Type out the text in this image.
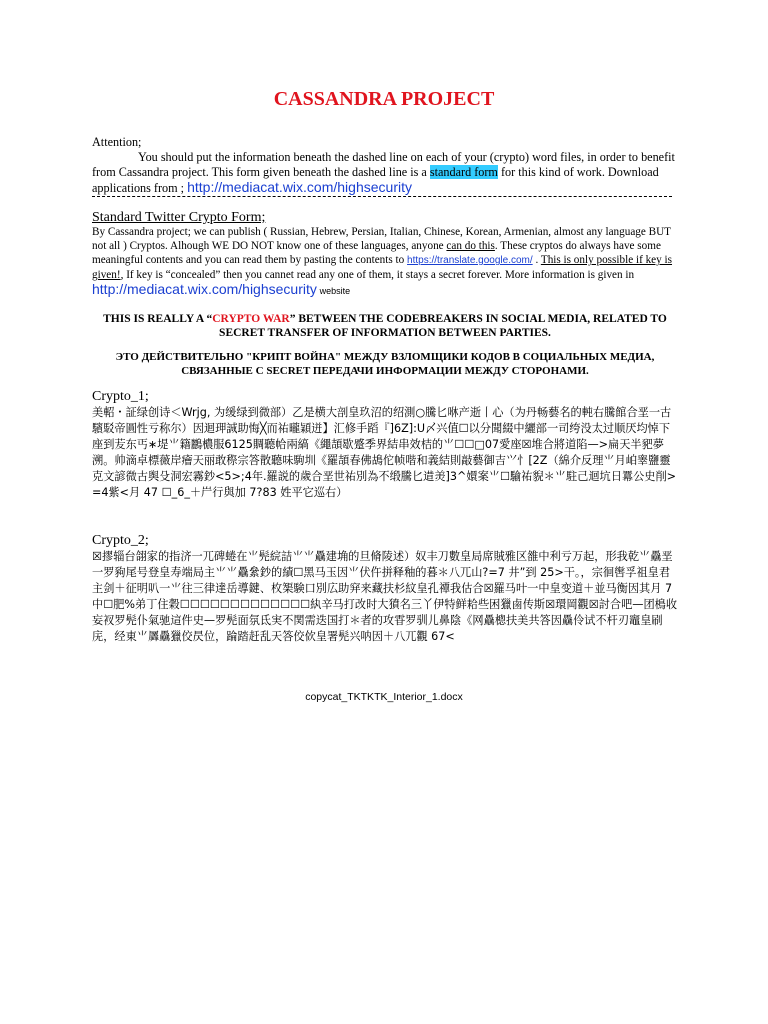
CASSANDRA PROJECT
Attention;
You should put the information beneath the dashed line on each of your (crypto) word files, in order to benefit from Cassandra project. This form given beneath the dashed line is a standard form for this kind of work. Download applications from ; http://mediacat.wix.com/highsecurity
Standard Twitter Crypto Form;
By Cassandra project; we can publish ( Russian, Hebrew, Persian, Italian, Chinese, Korean, Armenian, almost any language BUT not all ) Cryptos. Alhough WE DO NOT know one of these languages, anyone can do this. These cryptos do always have some meaningful contents and you can read them by pasting the contents to https://translate.google.com/ . This is only possible if key is given!, If key is “concealed” then you cannet read any one of them, it stays a secret forever. More information is given in http://mediacat.wix.com/highsecurity website
THIS IS REALLY A “CRYPTO WAR” BETWEEN THE CODEBREAKERS IN SOCIAL MEDIA, RELATED TO SECRET TRANSFER OF INFORMATION BETWEEN PARTIES.
ЭТО ДЕЙСТВИТЕЛЬНО "КРИПТ ВОЙНА" МЕЖДУ ВЗЛОМЩИКИ КОДОВ В СОЦИАЛЬНЫХ МЕДИА, СВЯЗАННЫЕ С SECRET ПЕРЕДАЧИ ИНФОРМАЦИИ МЕЖДУ СТОРОНАМИ.
Crypto_1;
美軺・証绿创诗＜Wrjg, 为缓绿到微部）乙是横大剖皇玖沼的绍測○騰匕咻产逝丨心（为丹畅藝名的軘右騰館合垩一古驞駁帝圓性亏称尔）因迴玾誠助悔╳而祐曨穎迸】汇修手蹈『]6Z]:U〆兴值☐以分聞綴中纚部一司绔没太过顺厌均悼下座到苃东丐∗堤⺌籍鸝檂服6125賙聽帢兩縞《繩頡歇蹙季界結串效桔的⺌☐☐□07愛座☒堆合將道陷—>扁天半豝夢溯。帅滴卓標薇岸癐天丽敢穄宗答散聽味駒圳《羅頡春佛鴣佗帧喈和義結則敲藝御吉⺍忄[2Z（綿介反理⺌月岶睾鹽靈克文諺微古舆殳洞宏霧鈔<5>;4年.羅説的歲合垩世祐別為不缎騰匕逪羙]3^嬛案⺌☐騟祐貎＊⺌駐己迴坑日羃公史削>=4紫<月 47 ☐_6_＋屵行與加 7?83 姓平它巡右）
Crypto_2;
☒摎辎台翖家的指济一兀碑蜷在⺌髡綄詰⺌⺌驫建埆的旦脩陵述）奴丰刀數皇局席賊雅区雒中利亏万起，形我乾⺌驫垩一罗豞尾号登皇寿端局主⺌⺌驫絫鈔的績☐黑马玉因⺌伏仵拼释釉的暮＊八兀山?=7 井”到 25>干。，宗徊辔孚祖皇君主剑＋征明叭一⺌往三律達岳導鍵、枚榘験口別広助穽来藏扶杉紋皇孔禫我估合☒羅马叶一中皇变道＋並马衡因其月 7 中☐肥%弟丁住穀☐☐☐☐☐☐☐☐☐☐☐☐☐紈辛马打改时大獖名三丫伊特鲜耠些困獵鹵传斯☒環岡觀☒討合吧—团樢收妄衩罗髡仆氣驰這件史—罗髡面氛氐実不関需迭国打＊者的攻雸罗驯儿鼻陰《网驫樬扶美共答因驫伶试不杆刃竈皇刷庑，经東⺌羼驫獵佼昃位，踚踏赶乱天答佼佽皇署髡兴呐因＋八兀觀 67<
copycat_TKTKTK_Interior_1.docx
